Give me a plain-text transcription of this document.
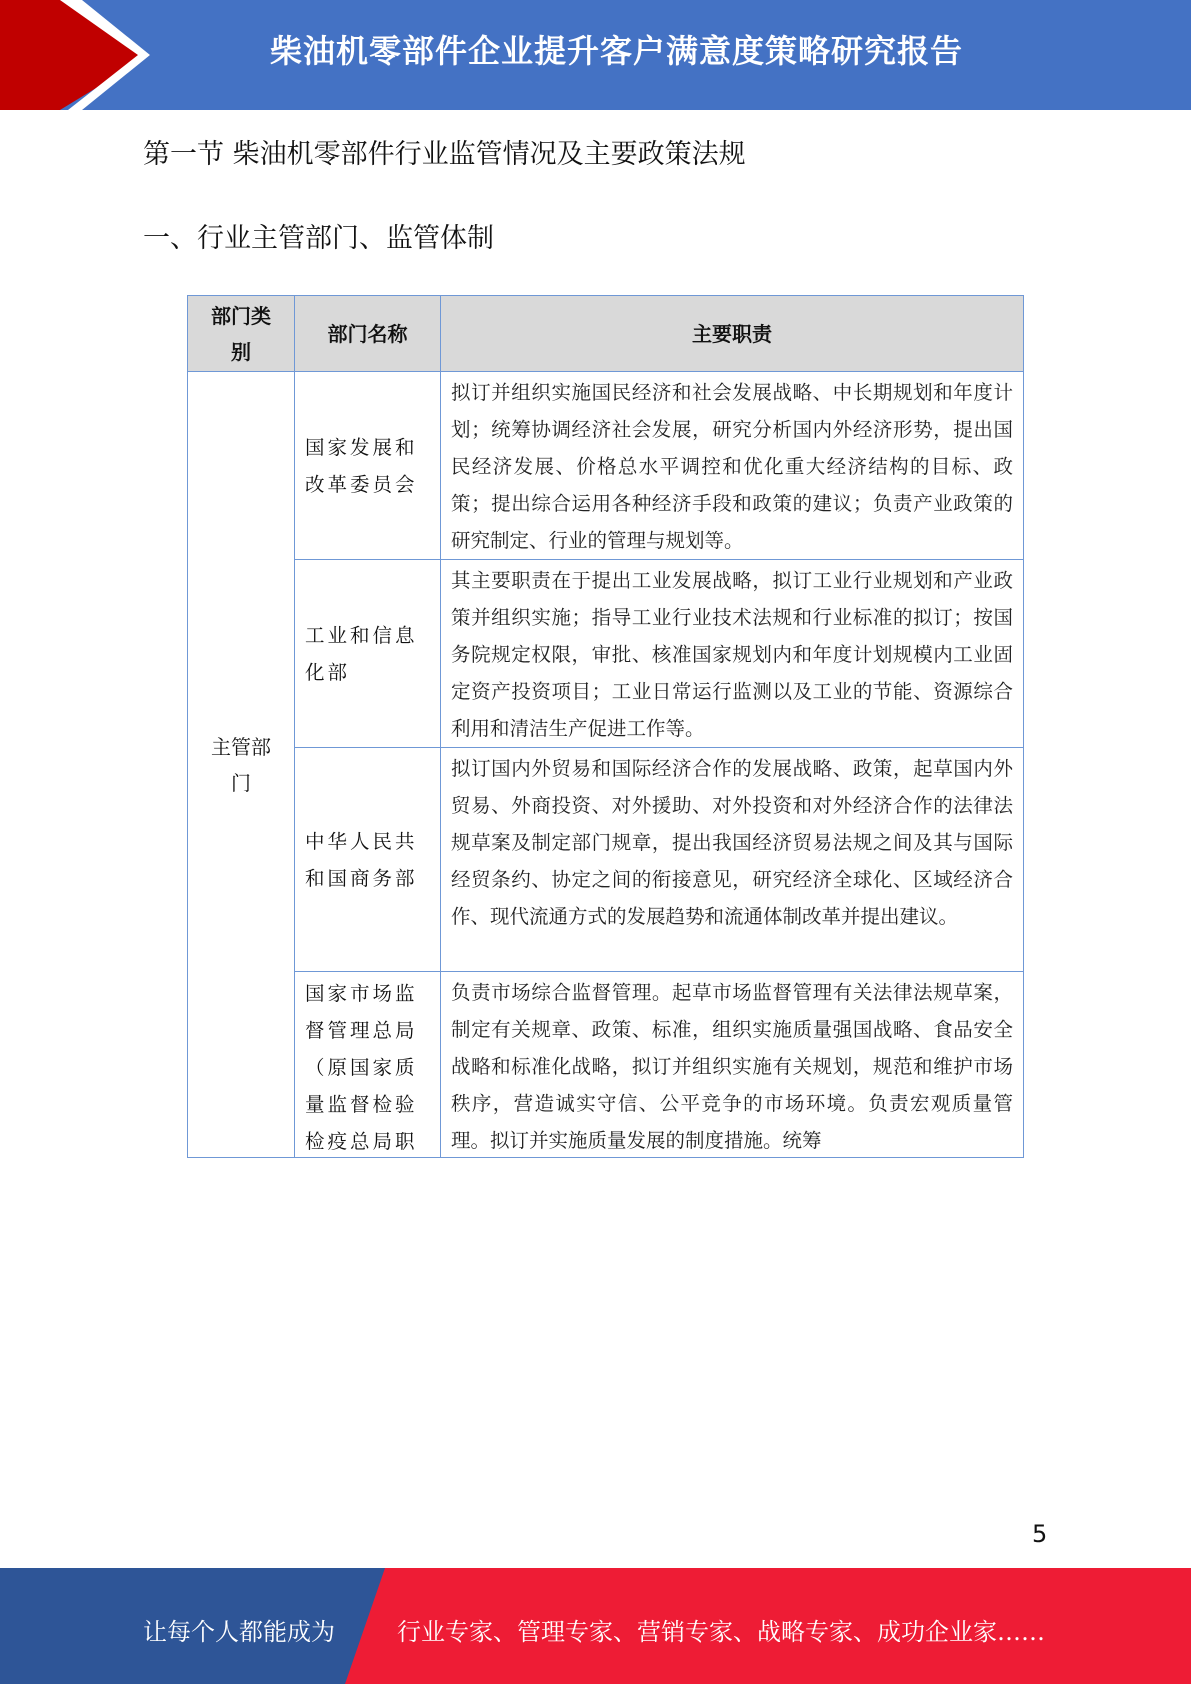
柴油机零部件企业提升客户满意度策略研究报告
第一节 柴油机零部件行业监管情况及主要政策法规
一、行业主管部门、监管体制
部门类别	部门名称	主要职责
主管部门	国家发展和改革委员会	拟订并组织实施国民经济和社会发展战略、中长期规划和年度计划；统筹协调经济社会发展，研究分析国内外经济形势，提出国民经济发展、价格总水平调控和优化重大经济结构的目标、政策；提出综合运用各种经济手段和政策的建议；负责产业政策的研究制定、行业的管理与规划等。
	工业和信息化部	其主要职责在于提出工业发展战略，拟订工业行业规划和产业政策并组织实施；指导工业行业技术法规和行业标准的拟订；按国务院规定权限，审批、核准国家规划内和年度计划规模内工业固定资产投资项目；工业日常运行监测以及工业的节能、资源综合利用和清洁生产促进工作等。
	中华人民共和国商务部	拟订国内外贸易和国际经济合作的发展战略、政策，起草国内外贸易、外商投资、对外援助、对外投资和对外经济合作的法律法规草案及制定部门规章，提出我国经济贸易法规之间及其与国际经贸条约、协定之间的衔接意见，研究经济全球化、区域经济合作、现代流通方式的发展趋势和流通体制改革并提出建议。

	国家市场监督管理总局（原国家质量监督检验检疫总局职	负责市场综合监督管理。起草市场监督管理有关法律法规草案，制定有关规章、政策、标准，组织实施质量强国战略、食品安全战略和标准化战略，拟订并组织实施有关规划，规范和维护市场秩序，营造诚实守信、公平竞争的市场环境。负责宏观质量管理。拟订并实施质量发展的制度措施。统筹
5
让每个人都能成为	行业专家、管理专家、营销专家、战略专家、成功企业家……
